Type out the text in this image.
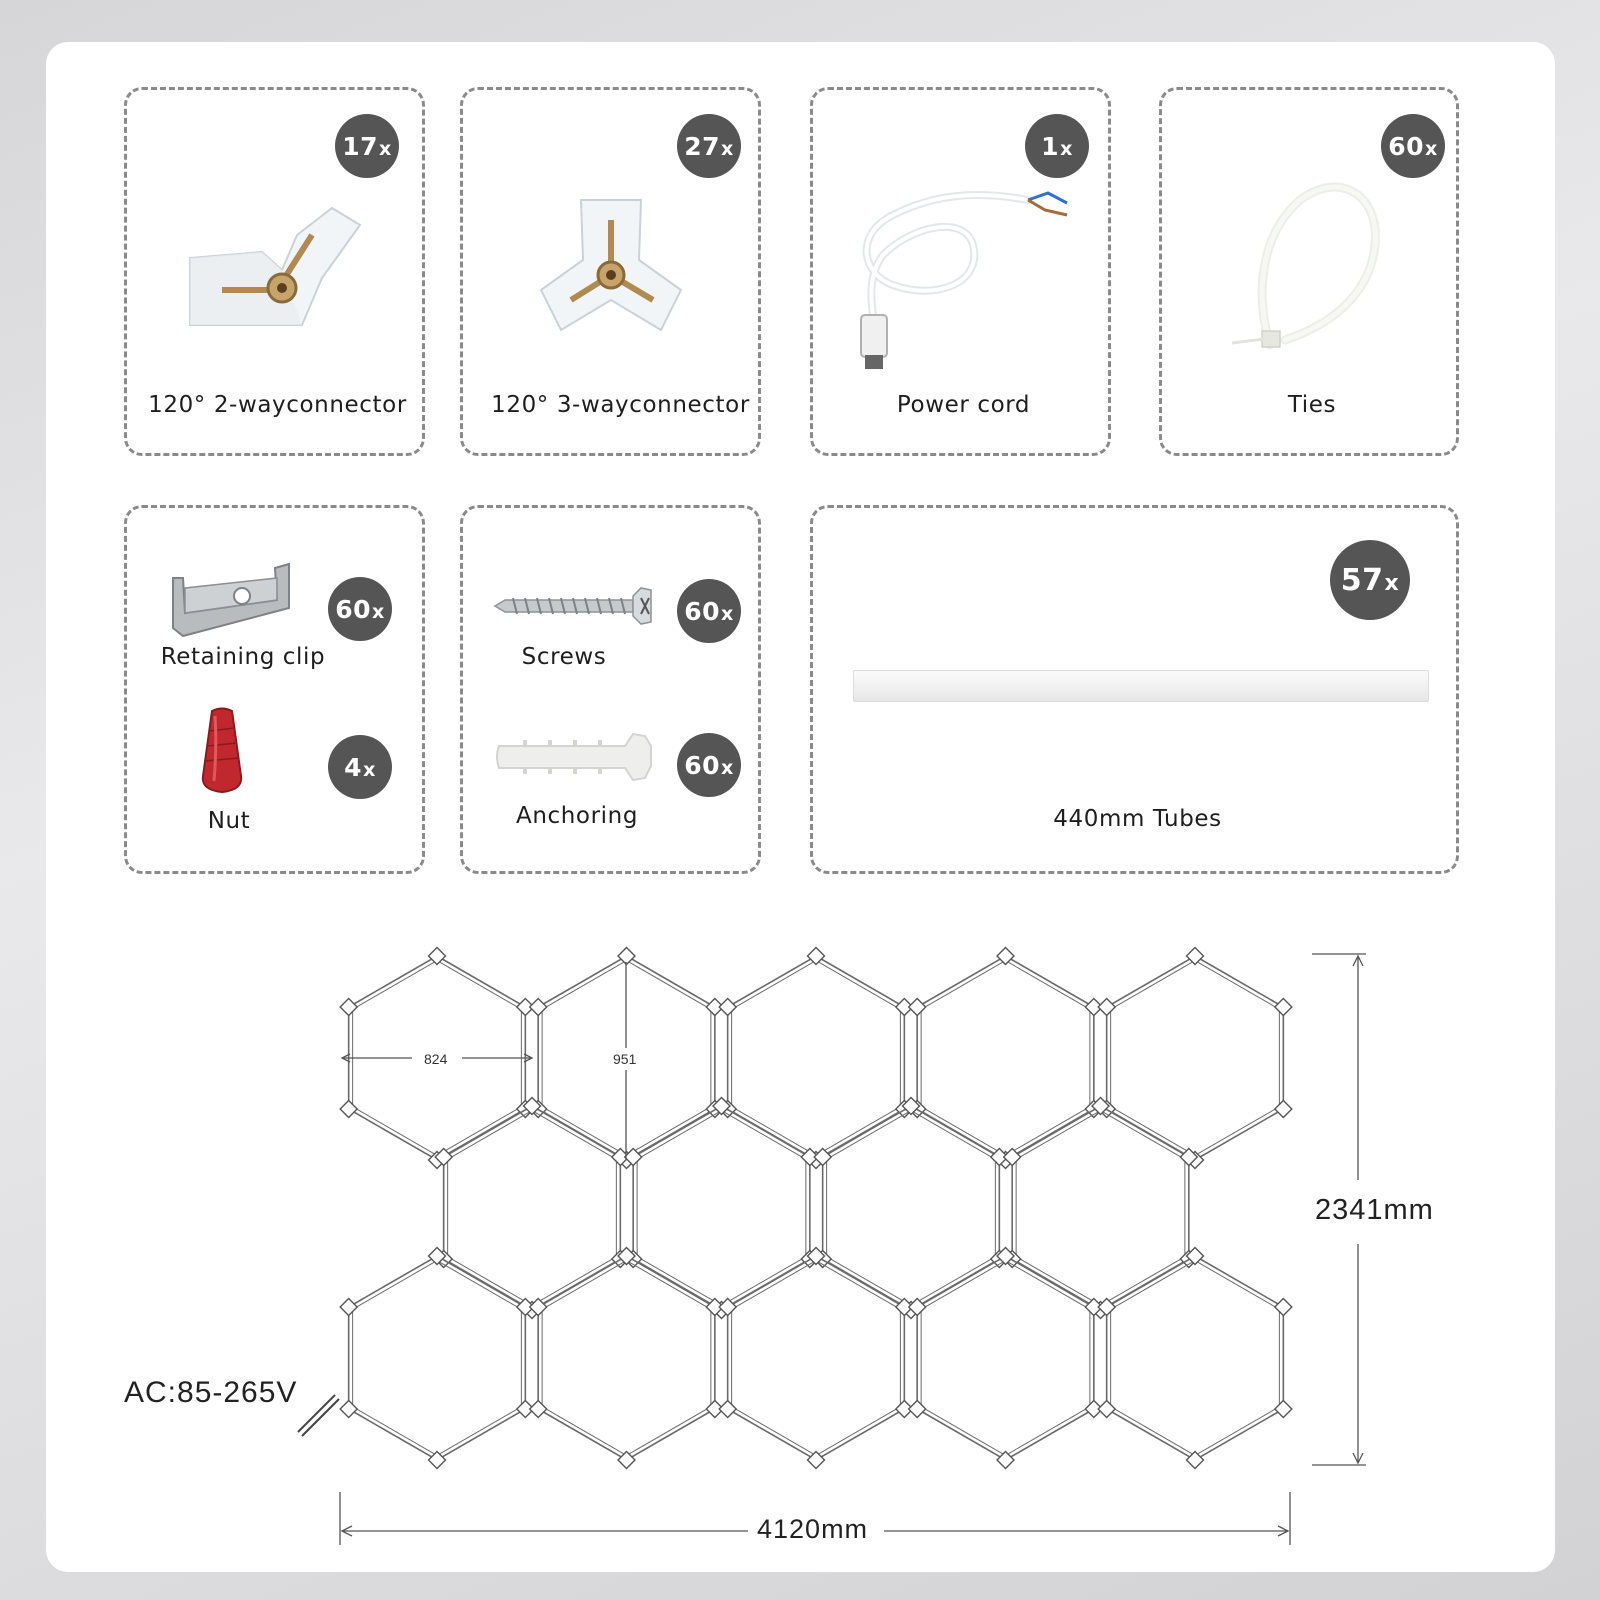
17 x
120° 2-wayconnector
27 x
120° 3-wayconnector
1 x
Power cord
60 x
Ties
60 x
Retaining clip
4 x
Nut
60 x
Screws
60 x
Anchoring
57 x
440mm Tubes
4120mm
2341mm
824	951
AC:85-265V
